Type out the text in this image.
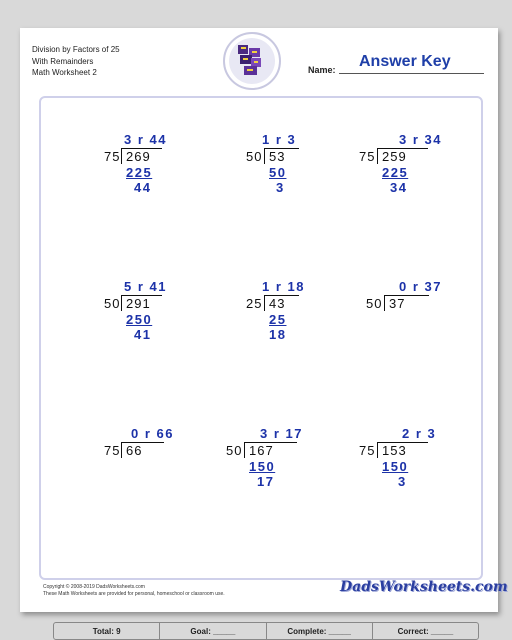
Division by Factors of 25
With Remainders
Math Worksheet 2	Name: Answer Key
3 r 44
75 269
225
44
1 r 3
50 53
50
3
3 r 34
75 259
225
34
5 r 41
50 291
250
41
1 r 18
25 43
25
18
0 r 37
50 37
0 r 66
75 66
3 r 17
50 167
150
17
2 r 3
75 153
150
3
Total: 9	Goal: _____	Complete: _____	Correct: _____
Copyright © 2008-2019 DadsWorksheets.com
These Math Worksheets are provided for personal, homeschool or classroom use.	DadsWorksheets.com
